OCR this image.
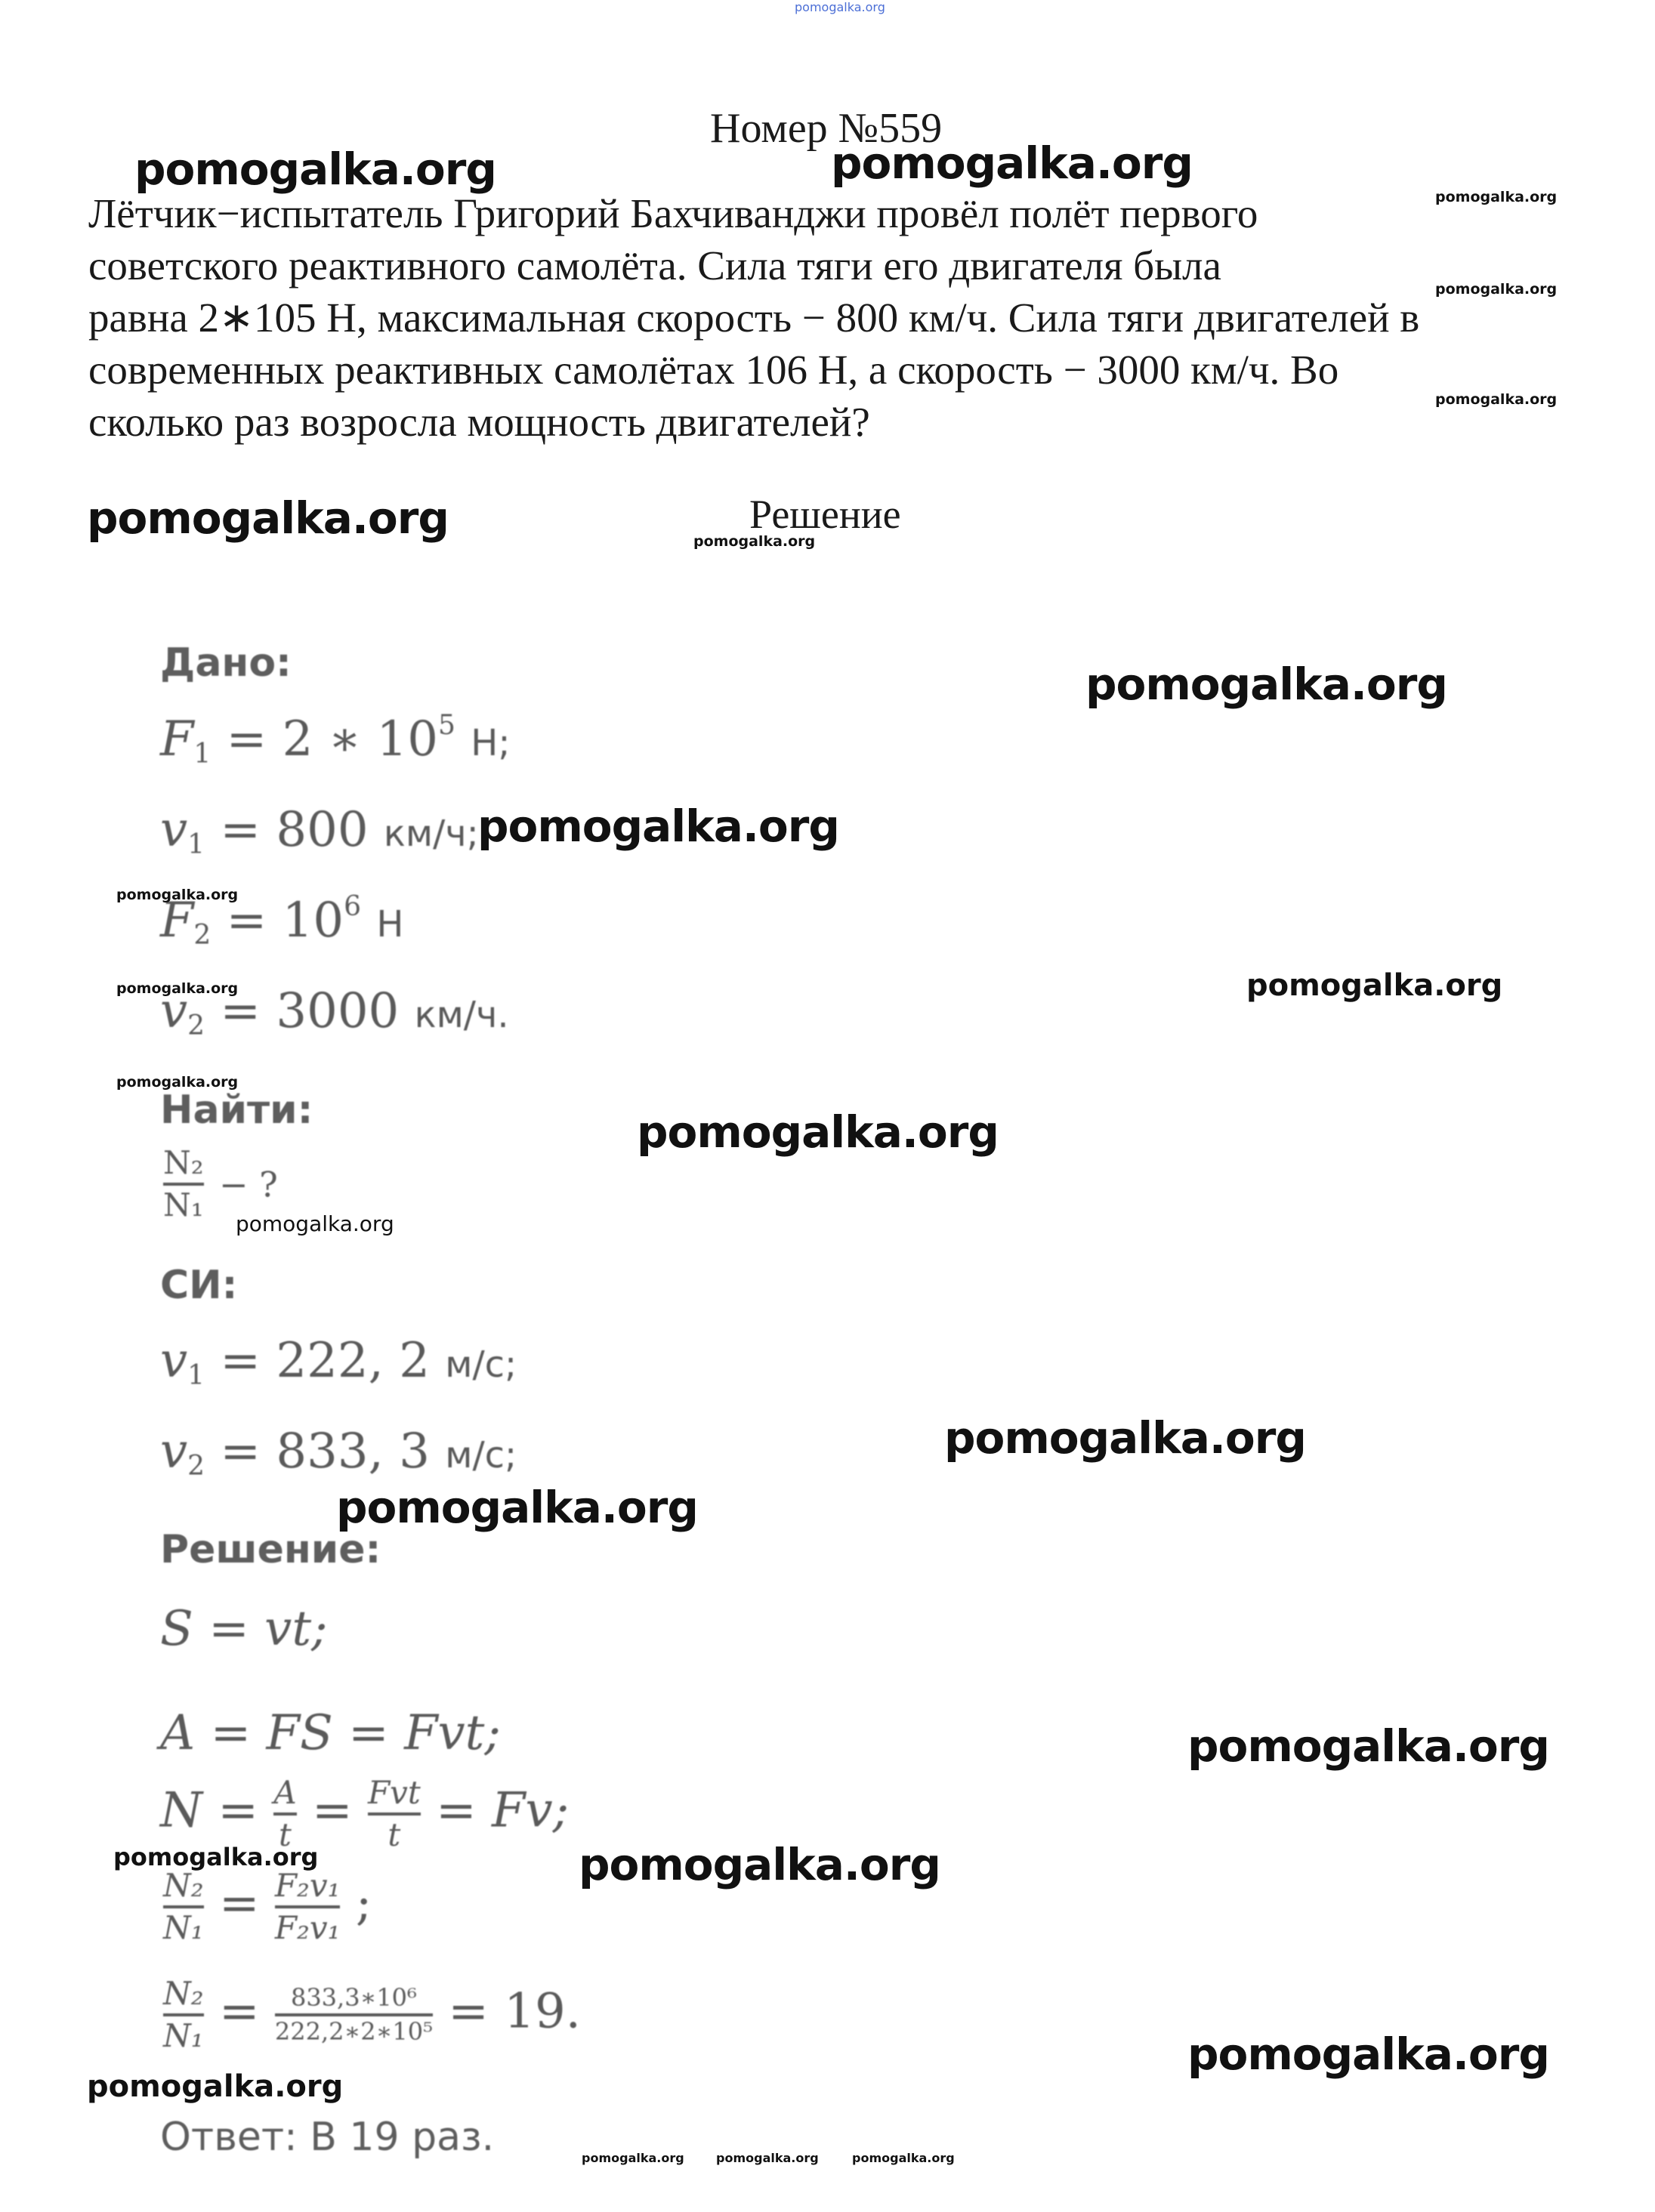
pomogalka.org
Номер №559
Лётчик−испытатель Григорий Бахчиванджи провёл полёт первого
советского реактивного самолёта. Сила тяги его двигателя была
равна 2∗105 Н, максимальная скорость − 800 км/ч. Сила тяги двигателей в
современных реактивных самолётах 106 Н, а скорость − 3000 км/ч. Во
сколько раз возросла мощность двигателей?
Решение
Дано:
$F_1 = 2$ ∗ $10^5$ Н;
$v_1 = 800$ км/ч;
$F_2 = 10^6$ Н
$v_2 = 3000$ км/ч.
Найти:
$\frac{\text{N₂}}{\text{N₁}}$ − ?
СИ:
$v_1 = 222$, 2 м/с;
$v_2 = 833$, 3 м/с;
Решение:
S = vt;
A = FS = Fvt;
$N = \frac{A}{t} = \frac{\text{Fvt}}{t} = Fv$;
$\frac{\text{N₂}}{\text{N₁}} = \frac{\text{F₂v₁}}{\text{F₂v₁}}$ ;
$\frac{\text{N₂}}{\text{N₁}} = \frac{\text{833,3∗10⁶}}{\text{222,2∗2∗10⁵}} = 19$.
Ответ: В 19 раз.
pomogalka.org	pomogalka.org
pomogalka.org
pomogalka.org
pomogalka.org
pomogalka.org	pomogalka.org
pomogalka.org
pomogalka.org
pomogalka.org
pomogalka.org	pomogalka.org
pomogalka.org
pomogalka.org
pomogalka.org
pomogalka.org
pomogalka.org
pomogalka.org
pomogalka.org	pomogalka.org
pomogalka.org
pomogalka.org
pomogalka.org	pomogalka.org	pomogalka.org
